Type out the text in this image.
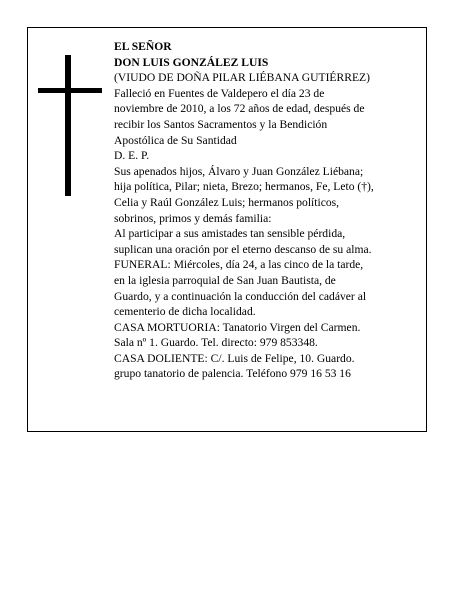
EL SEÑOR
DON LUIS GONZÁLEZ LUIS
(VIUDO DE DOÑA PILAR LIÉBANA GUTIÉRREZ)
Falleció en Fuentes de Valdepero el día 23 de
noviembre de 2010, a los 72 años de edad, después de
recibir los Santos Sacramentos y la Bendición
Apostólica de Su Santidad
D. E. P.
Sus apenados hijos, Álvaro y Juan González Liébana;
hija política, Pilar; nieta, Brezo; hermanos, Fe, Leto (†),
Celia y Raúl González Luis; hermanos políticos,
sobrinos, primos y demás familia:
Al participar a sus amistades tan sensible pérdida,
suplican una oración por el eterno descanso de su alma.
FUNERAL: Miércoles, día 24, a las cinco de la tarde,
en la iglesia parroquial de San Juan Bautista, de
Guardo, y a continuación la conducción del cadáver al
cementerio de dicha localidad.
CASA MORTUORIA: Tanatorio Virgen del Carmen.
Sala nº 1. Guardo. Tel. directo: 979 853348.
CASA DOLIENTE: C/. Luis de Felipe, 10. Guardo.
grupo tanatorio de palencia. Teléfono 979 16 53 16
